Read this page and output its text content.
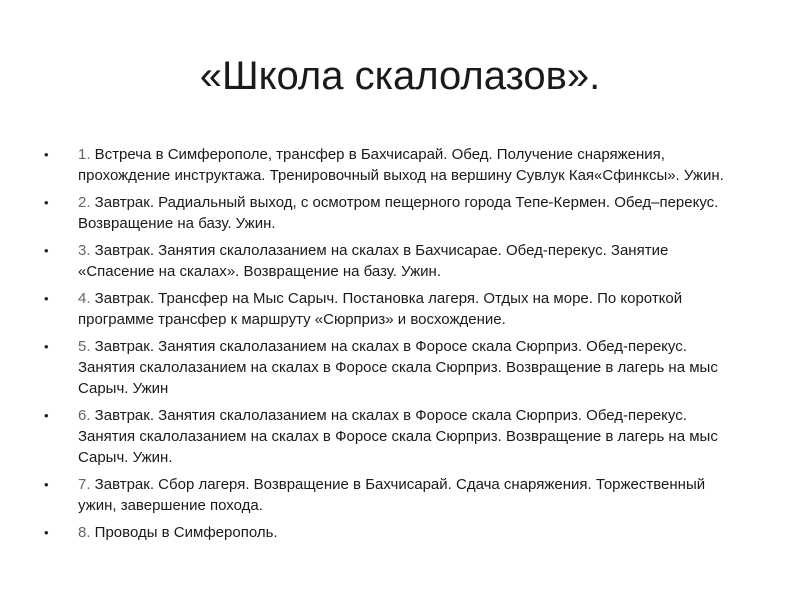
«Школа скалолазов».
•	1. Встреча в Симферополе, трансфер в Бахчисарай. Обед. Получение снаряжения, прохождение инструктажа. Тренировочный выход на вершину Сувлук Кая«Сфинксы». Ужин.
•	2. Завтрак. Радиальный выход, с осмотром пещерного города Тепе-Кермен. Обед–перекус. Возвращение на базу. Ужин.
•	3. Завтрак. Занятия скалолазанием на скалах в Бахчисарае. Обед-перекус. Занятие «Спасение на скалах». Возвращение на базу. Ужин.
•	4. Завтрак. Трансфер на Мыс Сарыч. Постановка лагеря. Отдых на море. По короткой программе трансфер к маршруту «Сюрприз» и восхождение.
•	5. Завтрак. Занятия скалолазанием на скалах в Форосе скала Сюрприз. Обед-перекус. Занятия скалолазанием на скалах в Форосе скала Сюрприз. Возвращение в лагерь на мыс Сарыч. Ужин
•	6. Завтрак. Занятия скалолазанием на скалах в Форосе скала Сюрприз. Обед-перекус. Занятия скалолазанием на скалах в Форосе скала Сюрприз. Возвращение в лагерь на мыс Сарыч. Ужин.
•	7. Завтрак. Сбор лагеря. Возвращение в Бахчисарай. Сдача снаряжения. Торжественный ужин, завершение похода.
•	8. Проводы в Симферополь.
